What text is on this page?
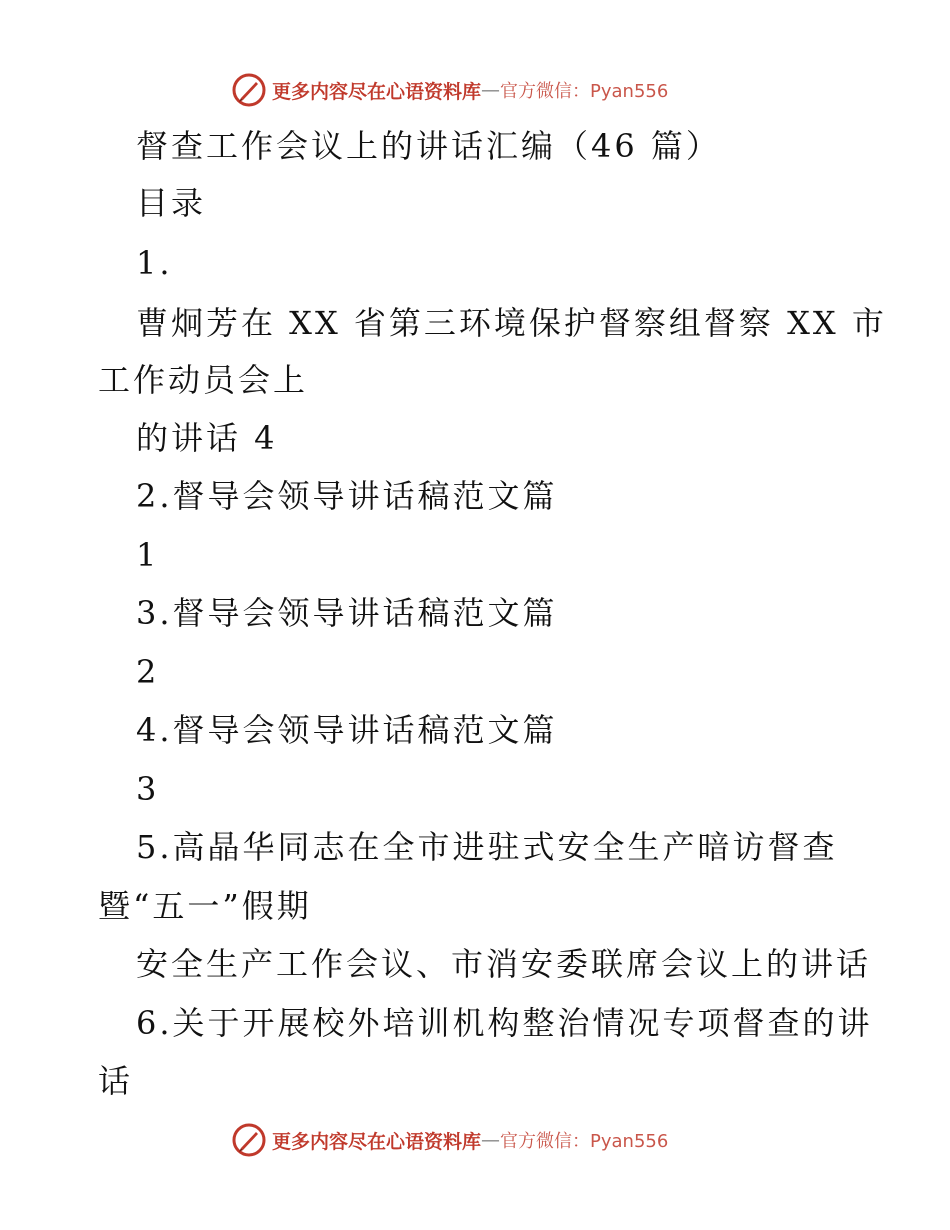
更多内容尽在心语资料库 — 官方微信：Pyan556
督查工作会议上的讲话汇编（46 篇）
目录
1.
曹炯芳在 XX 省第三环境保护督察组督察 XX 市
工作动员会上
的讲话 4
2.督导会领导讲话稿范文篇
1
3.督导会领导讲话稿范文篇
2
4.督导会领导讲话稿范文篇
3
5.高晶华同志在全市进驻式安全生产暗访督查
暨“五一”假期
安全生产工作会议、市消安委联席会议上的讲话
6.关于开展校外培训机构整治情况专项督查的讲
话
更多内容尽在心语资料库 — 官方微信：Pyan556
